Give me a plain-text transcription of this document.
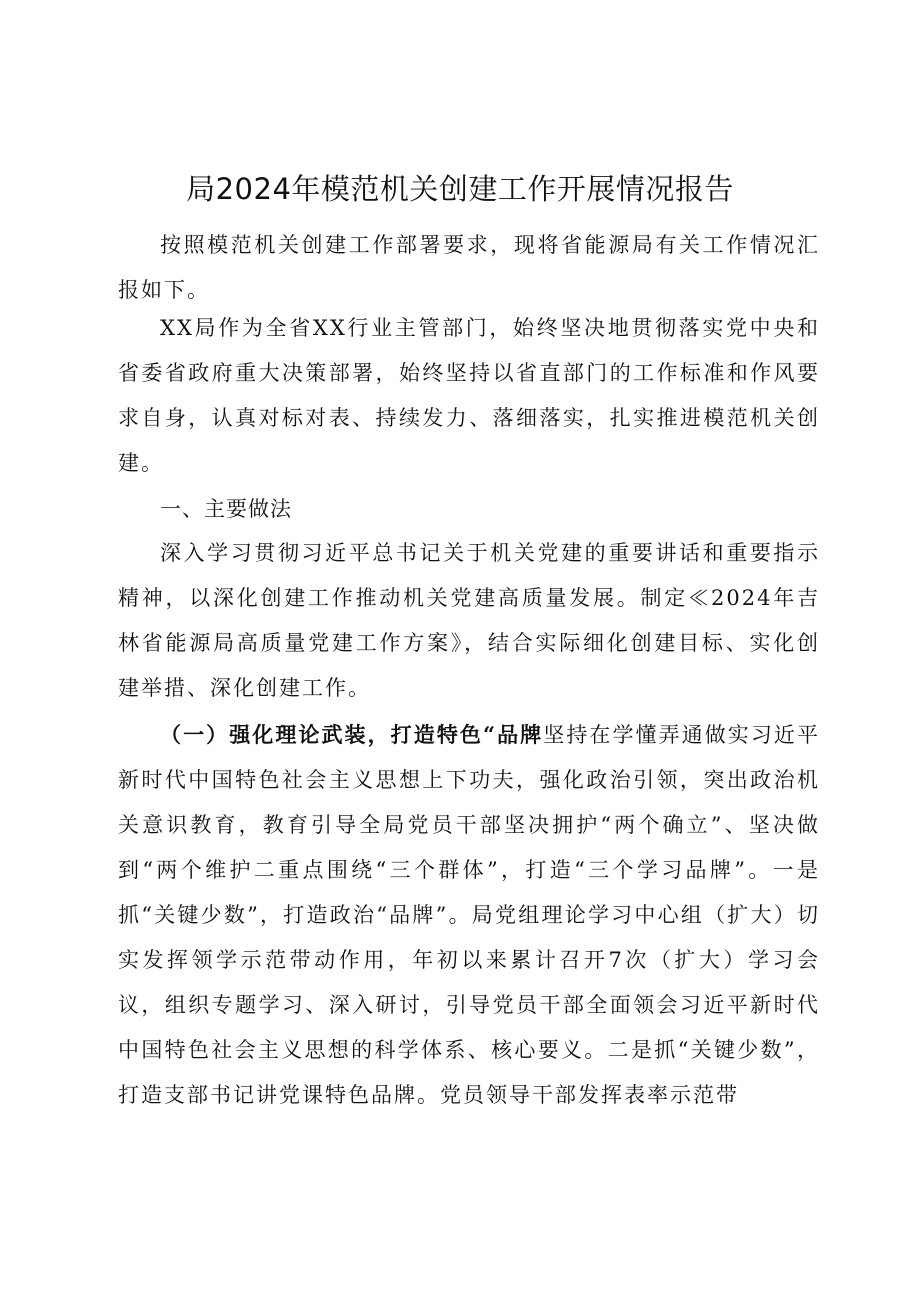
局2024年模范机关创建工作开展情况报告

按照模范机关创建工作部署要求，现将省能源局有关工作情况汇报如下。

XX局作为全省XX行业主管部门，始终坚决地贯彻落实党中央和省委省政府重大决策部署，始终坚持以省直部门的工作标准和作风要求自身，认真对标对表、持续发力、落细落实，扎实推进模范机关创建。

一、主要做法

深入学习贯彻习近平总书记关于机关党建的重要讲话和重要指示精神，以深化创建工作推动机关党建高质量发展。制定≪2024年吉林省能源局高质量党建工作方案》，结合实际细化创建目标、实化创建举措、深化创建工作。

（一）强化理论武装，打造特色“品牌坚持在学懂弄通做实习近平新时代中国特色社会主义思想上下功夫，强化政治引领，突出政治机关意识教育，教育引导全局党员干部坚决拥护“两个确立”、坚决做到“两个维护二重点围绕“三个群体”，打造“三个学习品牌”。一是抓“关键少数”，打造政治“品牌”。局党组理论学习中心组（扩大）切实发挥领学示范带动作用，年初以来累计召开7次（扩大）学习会议，组织专题学习、深入研讨，引导党员干部全面领会习近平新时代中国特色社会主义思想的科学体系、核心要义。二是抓“关键少数”，打造支部书记讲党课特色品牌。党员领导干部发挥表率示范带
